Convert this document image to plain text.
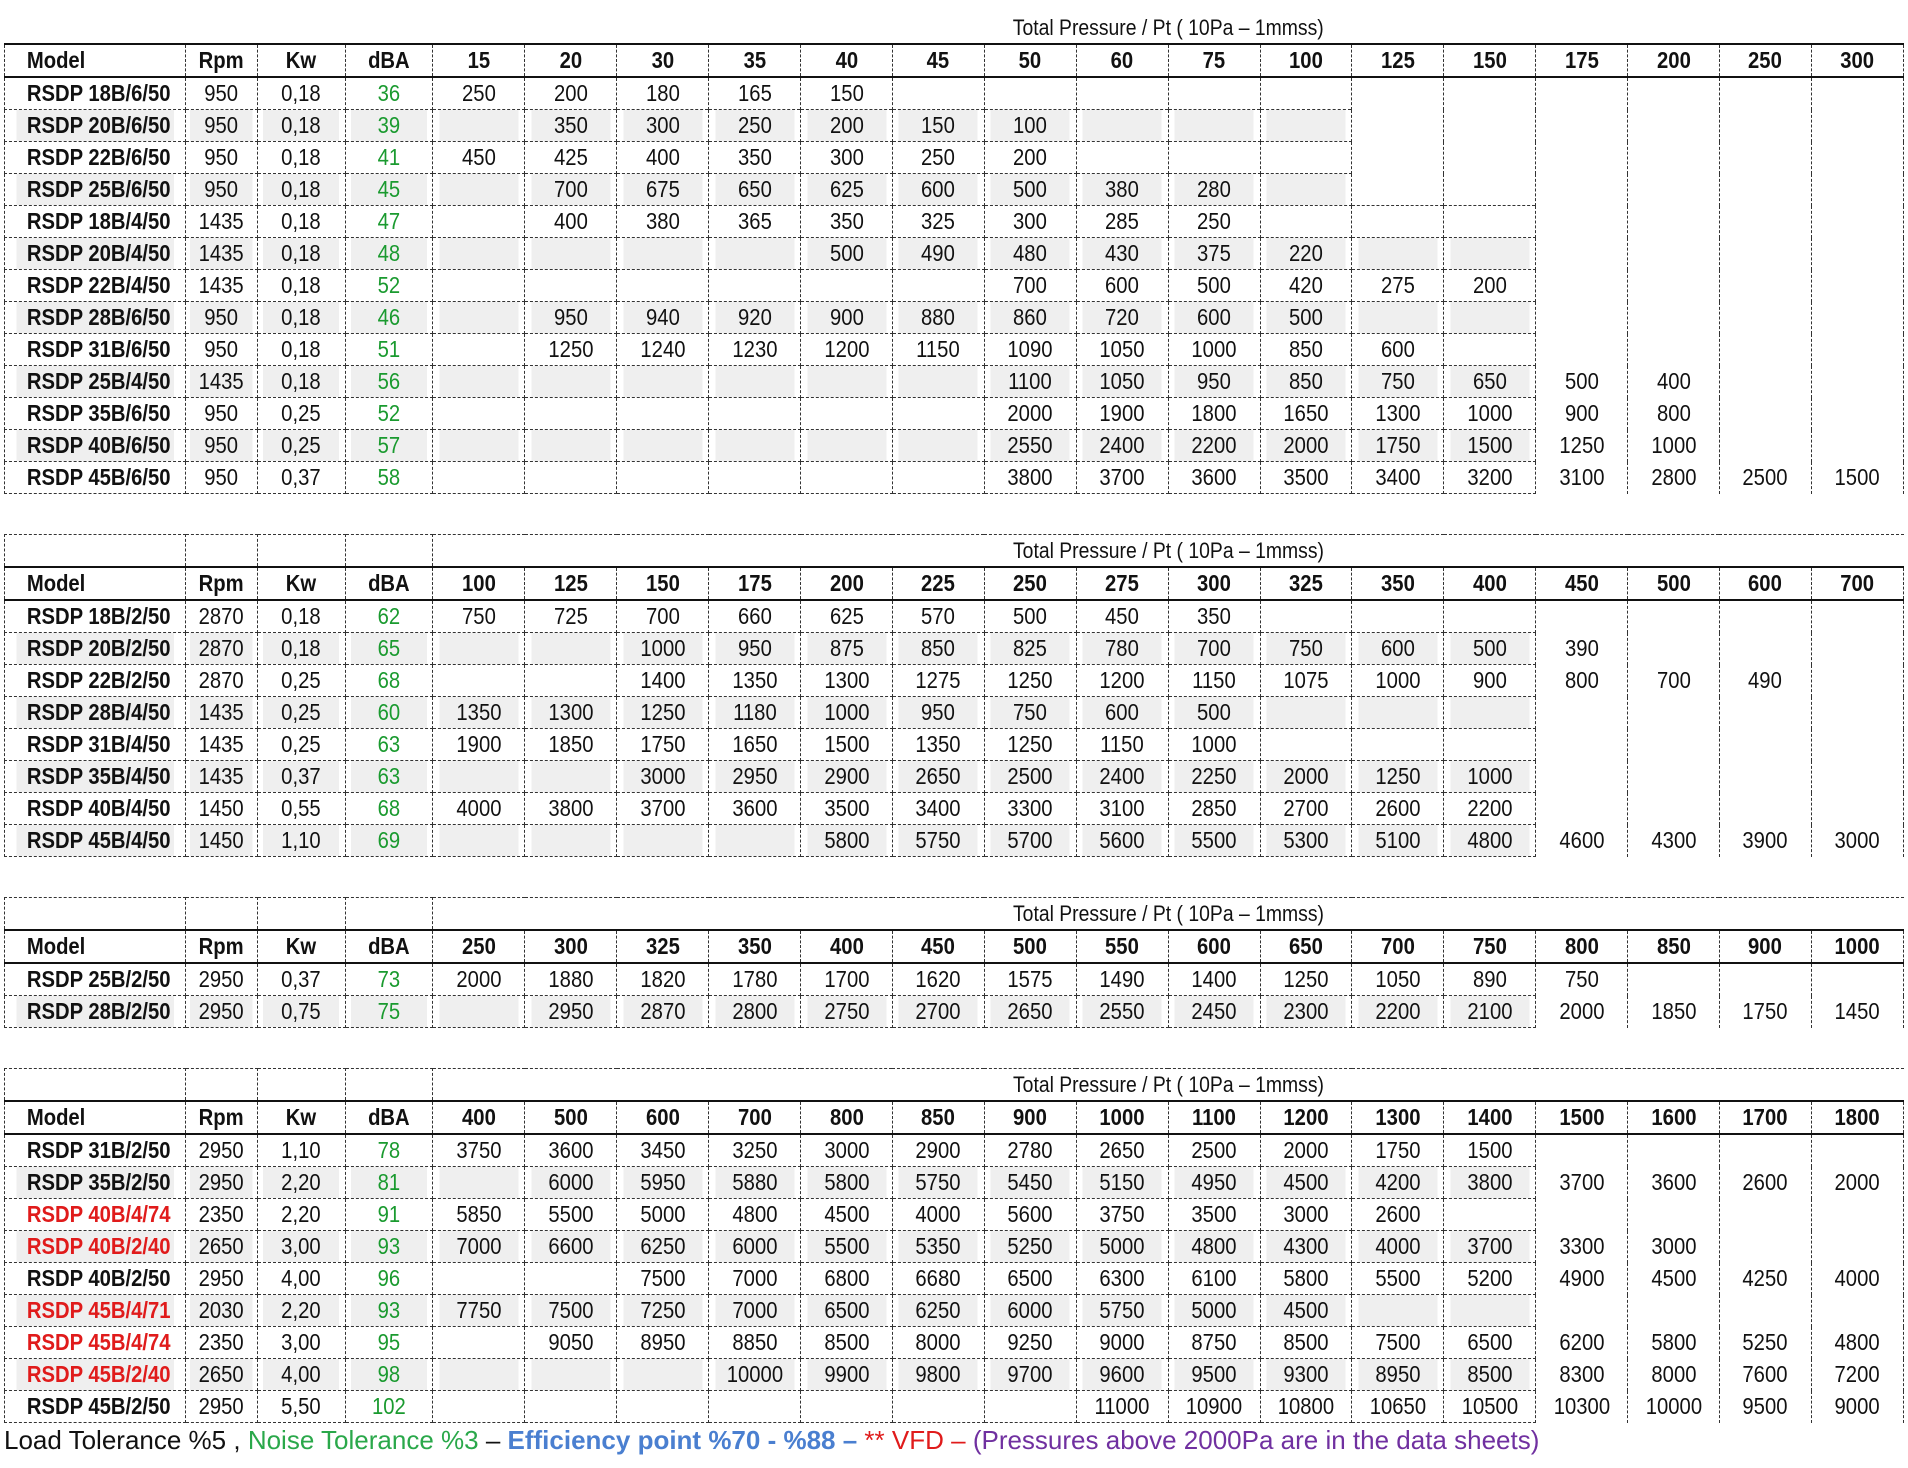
				Total Pressure / Pt ( 10Pa – 1mmss)															
Model	Rpm	Kw	dBA	15	20	30	35	40	45	50	60	75	100	125	150	175	200	250	300
RSDP 18B/6/50	950	0,18	36	250	200	180	165	150											
RSDP 20B/6/50	950	0,18	39		350	300	250	200	150	100									
RSDP 22B/6/50	950	0,18	41	450	425	400	350	300	250	200									
RSDP 25B/6/50	950	0,18	45		700	675	650	625	600	500	380	280							
RSDP 18B/4/50	1435	0,18	47		400	380	365	350	325	300	285	250							
RSDP 20B/4/50	1435	0,18	48					500	490	480	430	375	220						
RSDP 22B/4/50	1435	0,18	52							700	600	500	420	275	200				
RSDP 28B/6/50	950	0,18	46		950	940	920	900	880	860	720	600	500						
RSDP 31B/6/50	950	0,18	51		1250	1240	1230	1200	1150	1090	1050	1000	850	600					
RSDP 25B/4/50	1435	0,18	56							1100	1050	950	850	750	650	500	400		
RSDP 35B/6/50	950	0,25	52							2000	1900	1800	1650	1300	1000	900	800		
RSDP 40B/6/50	950	0,25	57							2550	2400	2200	2000	1750	1500	1250	1000		
RSDP 45B/6/50	950	0,37	58							3800	3700	3600	3500	3400	3200	3100	2800	2500	1500
				Total Pressure / Pt ( 10Pa – 1mmss)															
Model	Rpm	Kw	dBA	100	125	150	175	200	225	250	275	300	325	350	400	450	500	600	700
RSDP 18B/2/50	2870	0,18	62	750	725	700	660	625	570	500	450	350							
RSDP 20B/2/50	2870	0,18	65			1000	950	875	850	825	780	700	750	600	500	390			
RSDP 22B/2/50	2870	0,25	68			1400	1350	1300	1275	1250	1200	1150	1075	1000	900	800	700	490	
RSDP 28B/4/50	1435	0,25	60	1350	1300	1250	1180	1000	950	750	600	500							
RSDP 31B/4/50	1435	0,25	63	1900	1850	1750	1650	1500	1350	1250	1150	1000							
RSDP 35B/4/50	1435	0,37	63			3000	2950	2900	2650	2500	2400	2250	2000	1250	1000				
RSDP 40B/4/50	1450	0,55	68	4000	3800	3700	3600	3500	3400	3300	3100	2850	2700	2600	2200				
RSDP 45B/4/50	1450	1,10	69					5800	5750	5700	5600	5500	5300	5100	4800	4600	4300	3900	3000
				Total Pressure / Pt ( 10Pa – 1mmss)															
Model	Rpm	Kw	dBA	250	300	325	350	400	450	500	550	600	650	700	750	800	850	900	1000
RSDP 25B/2/50	2950	0,37	73	2000	1880	1820	1780	1700	1620	1575	1490	1400	1250	1050	890	750			
RSDP 28B/2/50	2950	0,75	75		2950	2870	2800	2750	2700	2650	2550	2450	2300	2200	2100	2000	1850	1750	1450
				Total Pressure / Pt ( 10Pa – 1mmss)															
Model	Rpm	Kw	dBA	400	500	600	700	800	850	900	1000	1100	1200	1300	1400	1500	1600	1700	1800
RSDP 31B/2/50	2950	1,10	78	3750	3600	3450	3250	3000	2900	2780	2650	2500	2000	1750	1500				
RSDP 35B/2/50	2950	2,20	81		6000	5950	5880	5800	5750	5450	5150	4950	4500	4200	3800	3700	3600	2600	2000
RSDP 40B/4/74	2350	2,20	91	5850	5500	5000	4800	4500	4000	5600	3750	3500	3000	2600					
RSDP 40B/2/40	2650	3,00	93	7000	6600	6250	6000	5500	5350	5250	5000	4800	4300	4000	3700	3300	3000		
RSDP 40B/2/50	2950	4,00	96			7500	7000	6800	6680	6500	6300	6100	5800	5500	5200	4900	4500	4250	4000
RSDP 45B/4/71	2030	2,20	93	7750	7500	7250	7000	6500	6250	6000	5750	5000	4500						
RSDP 45B/4/74	2350	3,00	95		9050	8950	8850	8500	8000	9250	9000	8750	8500	7500	6500	6200	5800	5250	4800
RSDP 45B/2/40	2650	4,00	98				10000	9900	9800	9700	9600	9500	9300	8950	8500	8300	8000	7600	7200
RSDP 45B/2/50	2950	5,50	102								11000	10900	10800	10650	10500	10300	10000	9500	9000
Load Tolerance %5 , Noise Tolerance %3 – Efficiency point %70 - %88 – ** VFD – (Pressures above 2000Pa are in the data sheets)
